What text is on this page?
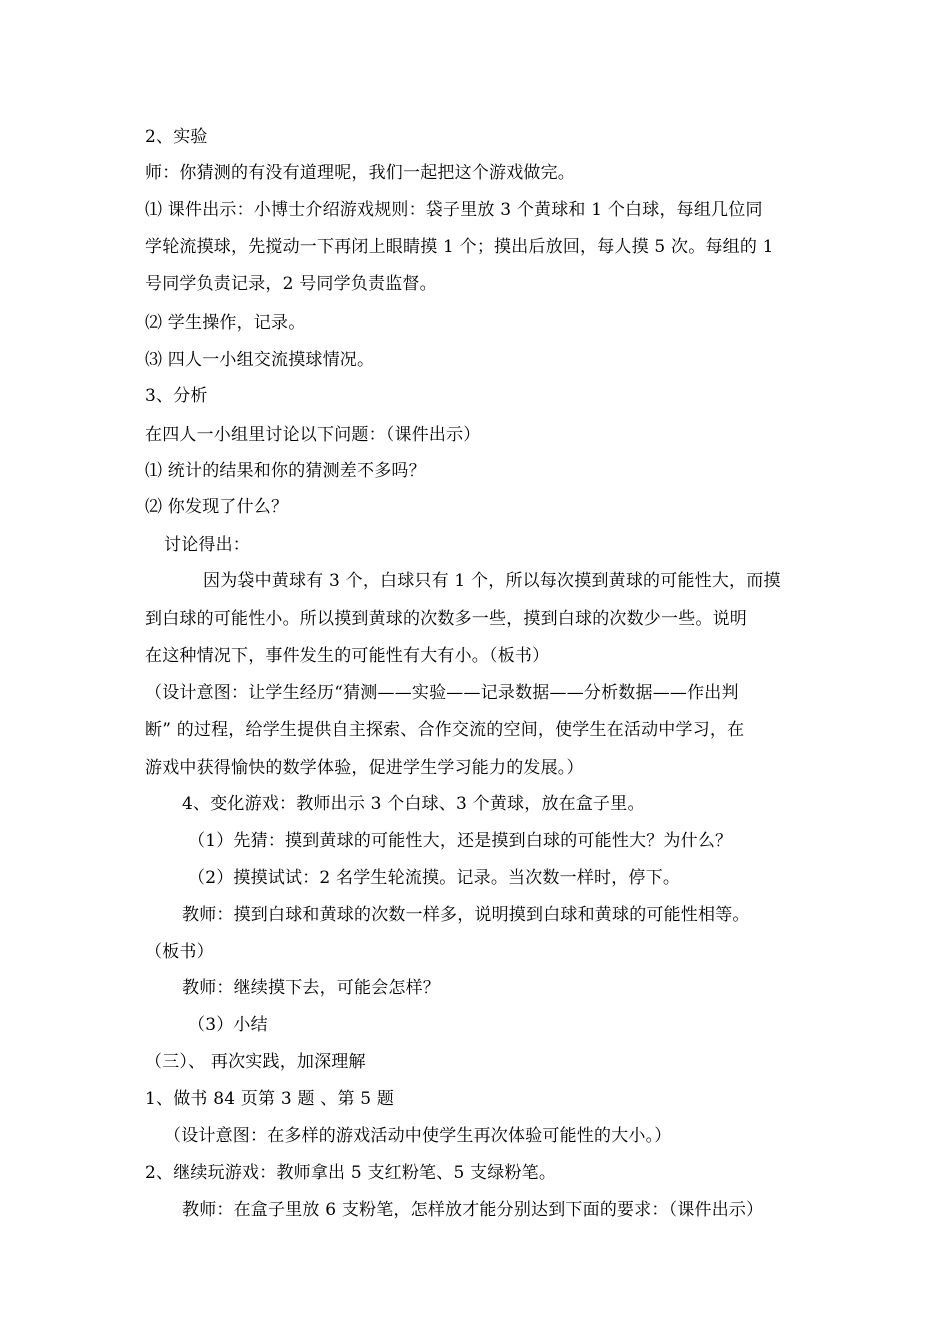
2、实验
师：你猜测的有没有道理呢，我们一起把这个游戏做完。
⑴ 课件出示：小博士介绍游戏规则：袋子里放 3 个黄球和 1 个白球，每组几位同
学轮流摸球，先搅动一下再闭上眼睛摸 1 个；摸出后放回，每人摸 5 次。每组的 1
号同学负责记录，2 号同学负责监督。
⑵ 学生操作，记录。
⑶ 四人一小组交流摸球情况。
3、分析
在四人一小组里讨论以下问题：（课件出示）
⑴ 统计的结果和你的猜测差不多吗？
⑵ 你发现了什么？
讨论得出：
因为袋中黄球有 3 个，白球只有 1 个，所以每次摸到黄球的可能性大，而摸
到白球的可能性小。所以摸到黄球的次数多一些，摸到白球的次数少一些。说明
在这种情况下，事件发生的可能性有大有小。（板书）
（设计意图：让学生经历“猜测——实验——记录数据——分析数据——作出判
断” 的过程，给学生提供自主探索、合作交流的空间，使学生在活动中学习，在
游戏中获得愉快的数学体验，促进学生学习能力的发展。）
4、变化游戏：教师出示 3 个白球、3 个黄球，放在盒子里。
（1）先猜：摸到黄球的可能性大，还是摸到白球的可能性大？为什么？
（2）摸摸试试：2 名学生轮流摸。记录。当次数一样时，停下。
教师：摸到白球和黄球的次数一样多，说明摸到白球和黄球的可能性相等。
（板书）
教师：继续摸下去，可能会怎样？
（3）小结
（三）、 再次实践，加深理解
1、做书 84 页第 3 题 、第 5 题
（设计意图：在多样的游戏活动中使学生再次体验可能性的大小。）
2、继续玩游戏：教师拿出 5 支红粉笔、5 支绿粉笔。
教师：在盒子里放 6 支粉笔，怎样放才能分别达到下面的要求：（课件出示）
